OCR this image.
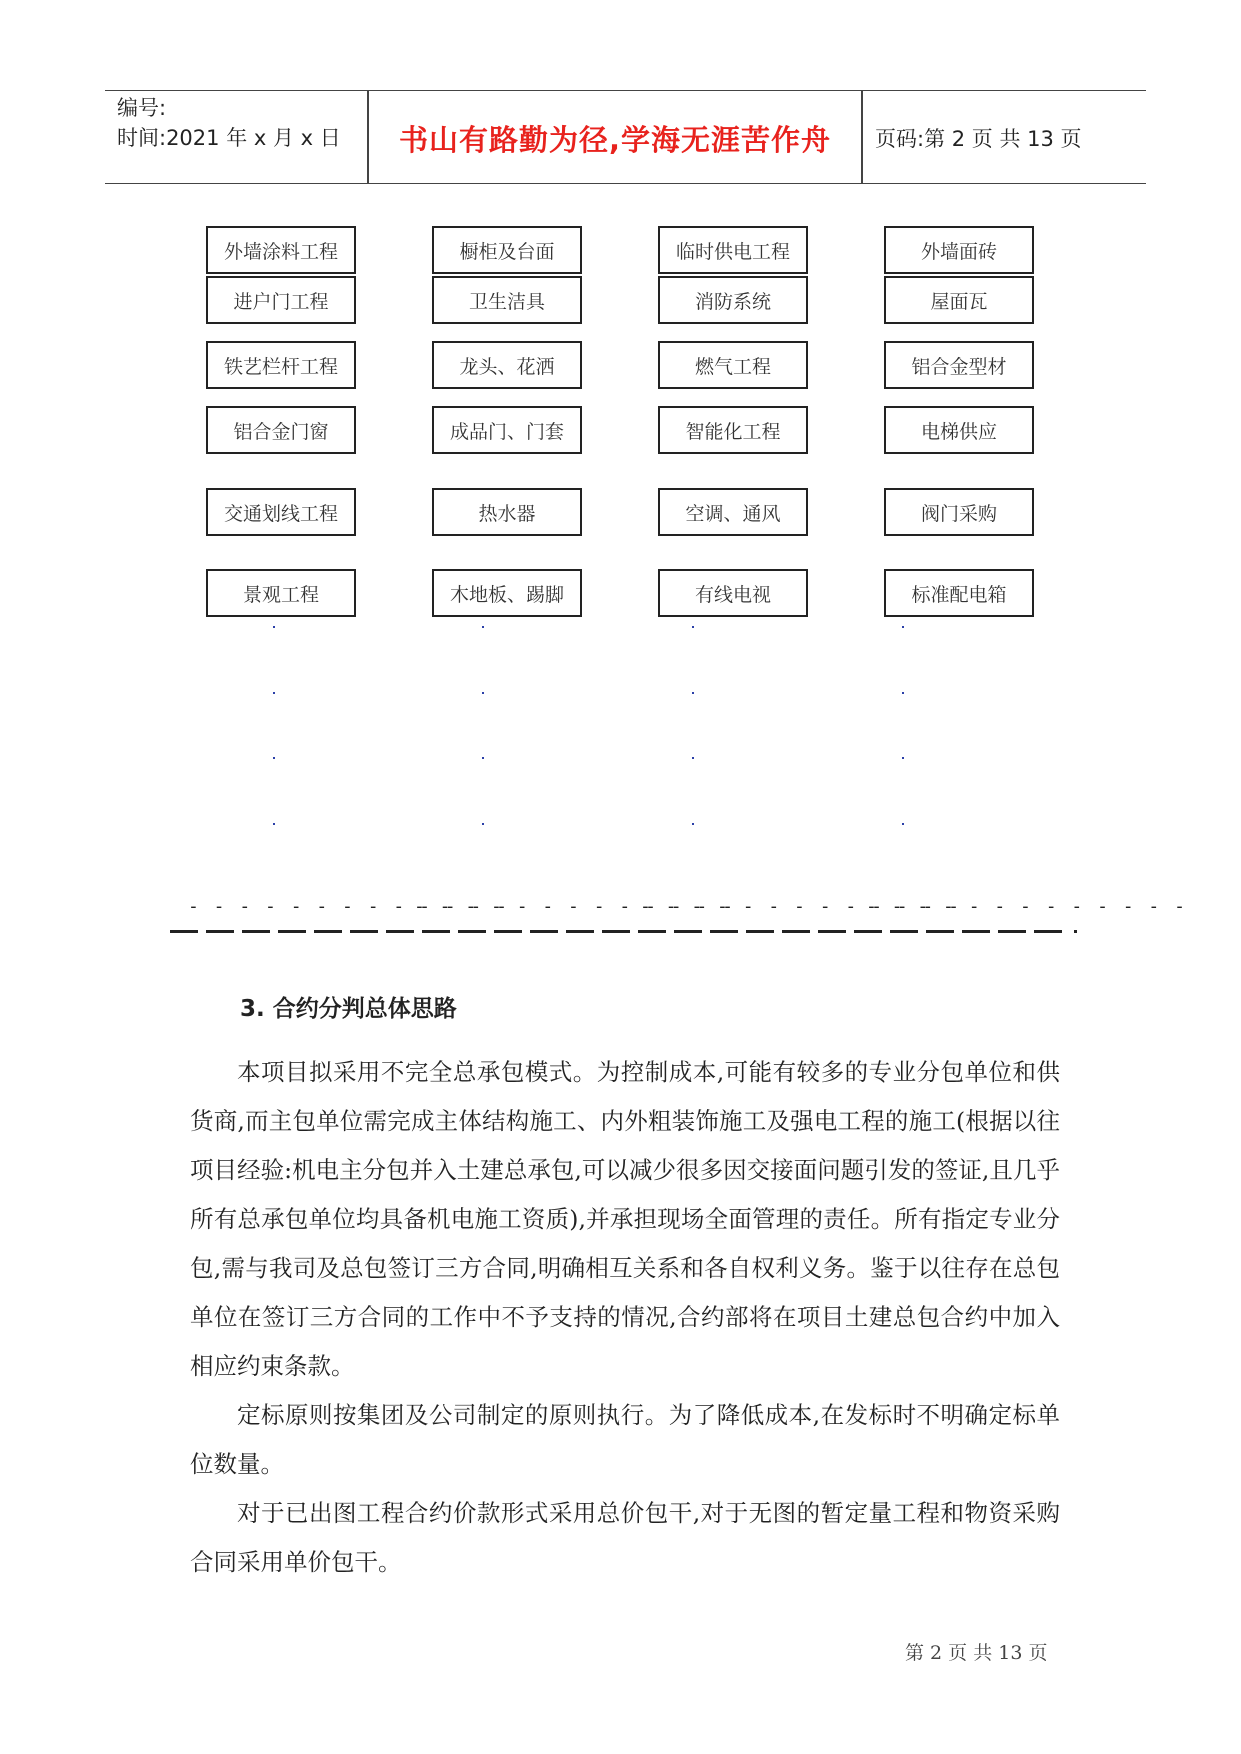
编号:
时间:2021 年 x 月 x 日	书山有路勤为径,学海无涯苦作舟	页码:第 2 页 共 13 页
外墙涂料工程
进户门工程
铁艺栏杆工程
铝合金门窗
交通划线工程
景观工程
橱柜及台面
卫生洁具
龙头、花洒
成品门、门套
热水器
木地板、踢脚
临时供电工程
消防系统
燃气工程
智能化工程
空调、通风
有线电视
外墙面砖
屋面瓦
铝合金型材
电梯供应
阀门采购
标准配电箱
- - - - - - - - - - - - -
- - - - - - - - - - - - -
- - - - - - - - - - - - -
- - - - - - - - - - - - -
3. 合约分判总体思路

本项目拟采用不完全总承包模式。为控制成本,可能有较多的专业分包单位和供货商,而主包单位需完成主体结构施工、内外粗装饰施工及强电工程的施工(根据以往项目经验:机电主分包并入土建总承包,可以减少很多因交接面问题引发的签证,且几乎所有总承包单位均具备机电施工资质),并承担现场全面管理的责任。所有指定专业分包,需与我司及总包签订三方合同,明确相互关系和各自权利义务。鉴于以往存在总包单位在签订三方合同的工作中不予支持的情况,合约部将在项目土建总包合约中加入相应约束条款。

定标原则按集团及公司制定的原则执行。为了降低成本,在发标时不明确定标单位数量。

对于已出图工程合约价款形式采用总价包干,对于无图的暂定量工程和物资采购合同采用单价包干。

第 2 页 共 13 页
